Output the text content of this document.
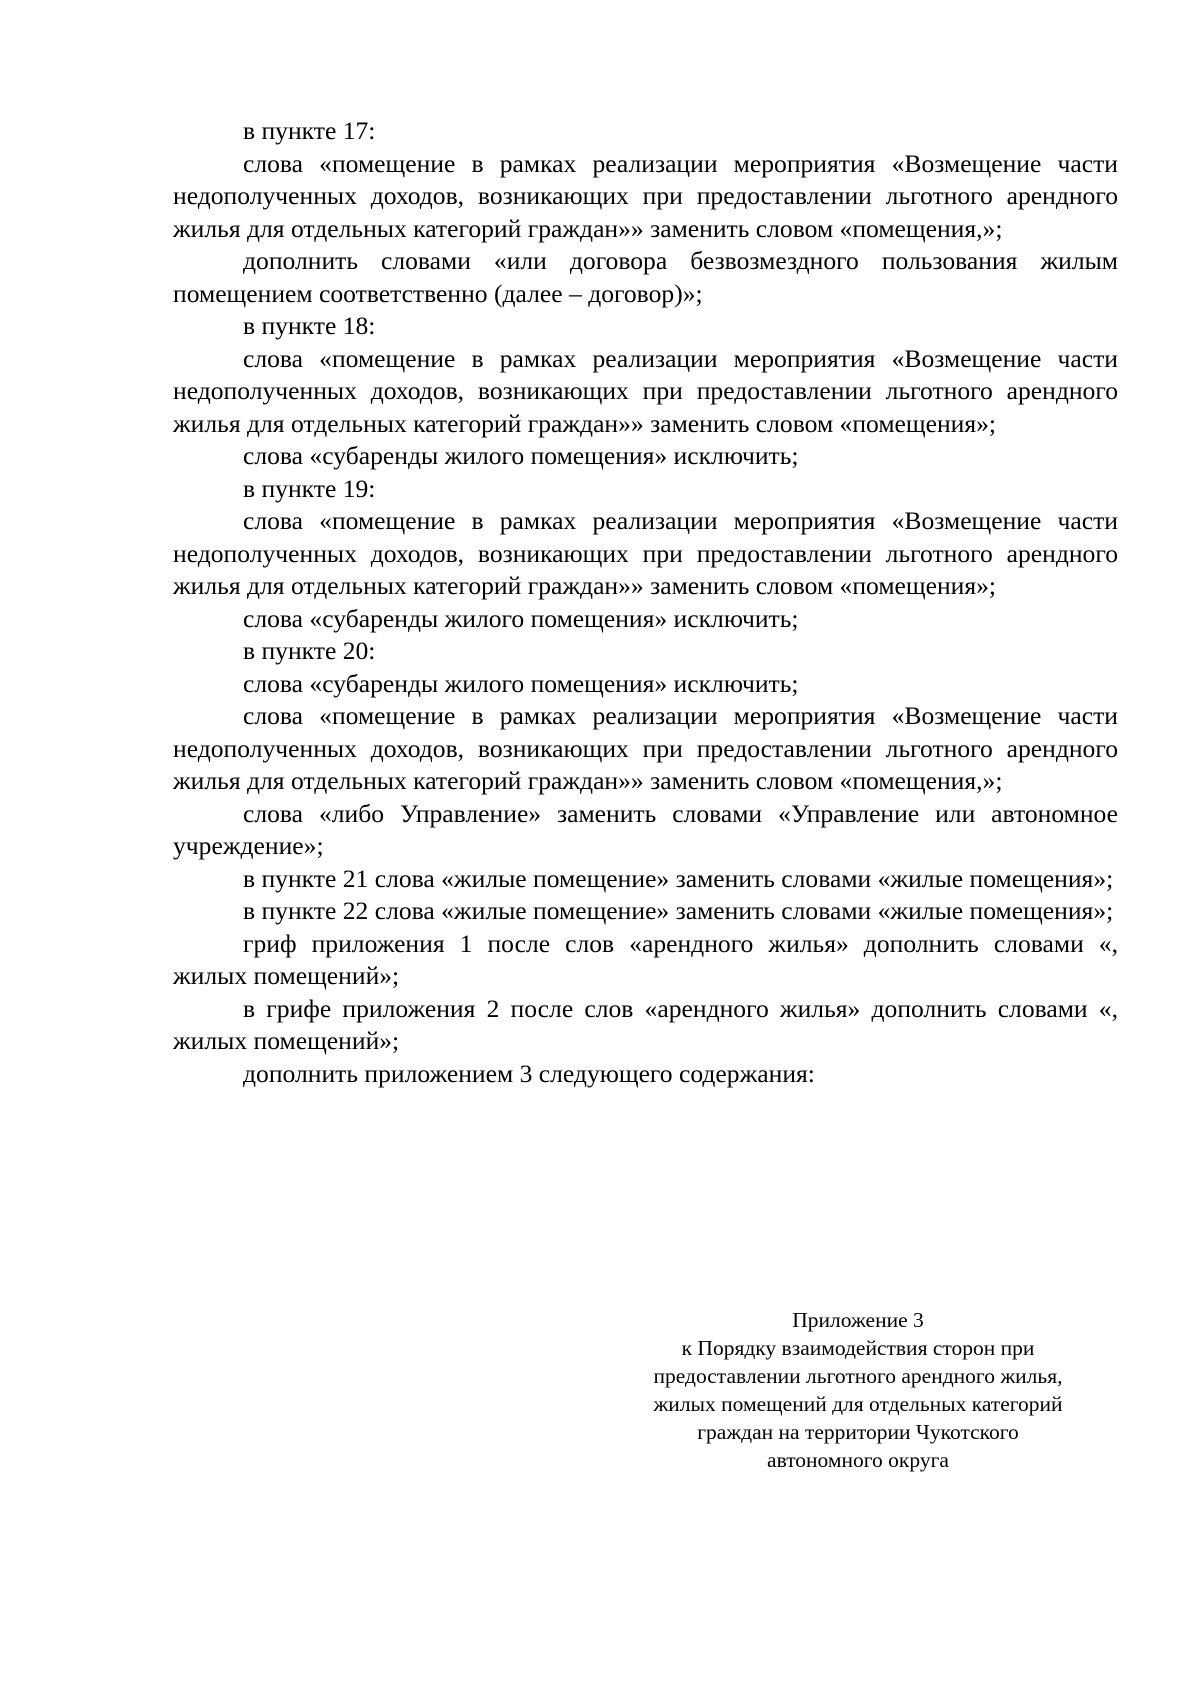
в пункте 17:

слова «помещение в рамках реализации мероприятия «Возмещение части недополученных доходов, возникающих при предоставлении льготного арендного жилья для отдельных категорий граждан»» заменить словом «помещения,»;

дополнить словами «или договора безвозмездного пользования жилым помещением соответственно (далее – договор)»;

в пункте 18:

слова «помещение в рамках реализации мероприятия «Возмещение части недополученных доходов, возникающих при предоставлении льготного арендного жилья для отдельных категорий граждан»» заменить словом «помещения»;

слова «субаренды жилого помещения» исключить;

в пункте 19:

слова «помещение в рамках реализации мероприятия «Возмещение части недополученных доходов, возникающих при предоставлении льготного арендного жилья для отдельных категорий граждан»» заменить словом «помещения»;

слова «субаренды жилого помещения» исключить;

в пункте 20:

слова «субаренды жилого помещения» исключить;

слова «помещение в рамках реализации мероприятия «Возмещение части недополученных доходов, возникающих при предоставлении льготного арендного жилья для отдельных категорий граждан»» заменить словом «помещения,»;

слова «либо Управление» заменить словами «Управление или автономное учреждение»;

в пункте 21 слова «жилые помещение» заменить словами «жилые помещения»;

в пункте 22 слова «жилые помещение» заменить словами «жилые помещения»;

гриф приложения 1 после слов «арендного жилья» дополнить словами «, жилых помещений»;

в грифе приложения 2 после слов «арендного жилья» дополнить словами «, жилых помещений»;

дополнить приложением 3 следующего содержания:

Приложение 3
к Порядку взаимодействия сторон при
предоставлении льготного арендного жилья,
жилых помещений для отдельных категорий
граждан на территории Чукотского
автономного округа
